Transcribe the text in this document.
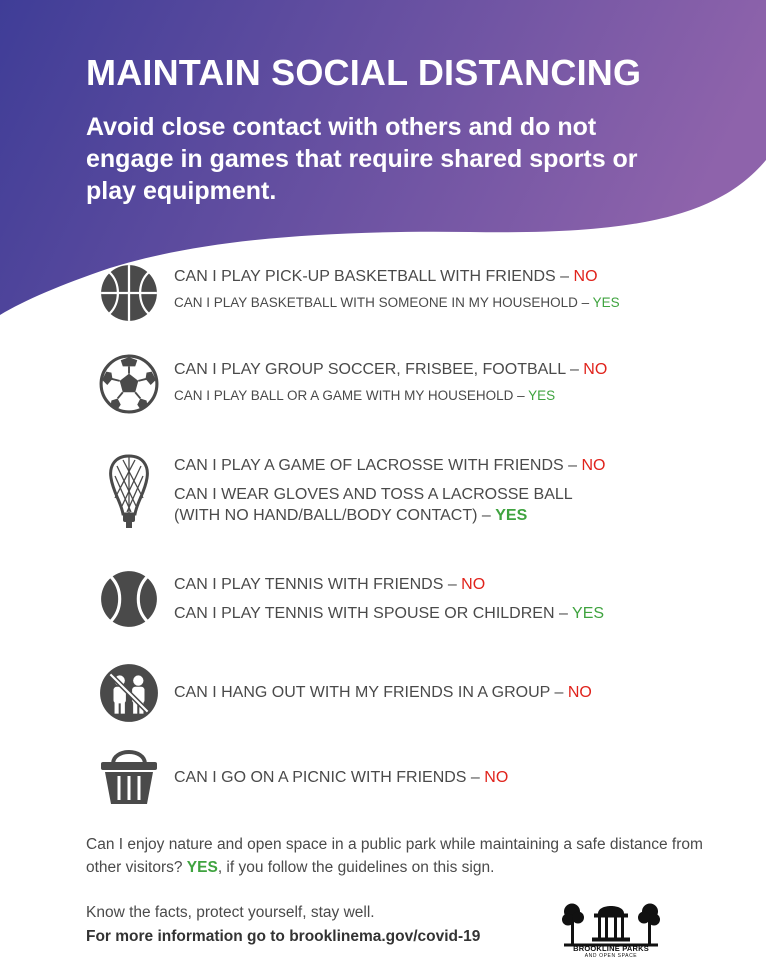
MAINTAIN SOCIAL DISTANCING

Avoid close contact with others and do not engage in games that require shared sports or play equipment.

CAN I PLAY PICK-UP BASKETBALL WITH FRIENDS – NO

CAN I PLAY BASKETBALL WITH SOMEONE IN MY HOUSEHOLD – YES

CAN I PLAY GROUP SOCCER, FRISBEE, FOOTBALL – NO

CAN I PLAY BALL OR A GAME WITH MY HOUSEHOLD – YES

CAN I PLAY A GAME OF LACROSSE WITH FRIENDS – NO

CAN I WEAR GLOVES AND TOSS A LACROSSE BALL

(WITH NO HAND/BALL/BODY CONTACT) – YES

CAN I PLAY TENNIS WITH FRIENDS – NO

CAN I PLAY TENNIS WITH SPOUSE OR CHILDREN – YES

CAN I HANG OUT WITH MY FRIENDS IN A GROUP – NO

CAN I GO ON A PICNIC WITH FRIENDS – NO

Can I enjoy nature and open space in a public park while maintaining a safe distance from other visitors? YES, if you follow the guidelines on this sign.

Know the facts, protect yourself, stay well.

For more information go to brooklinema.gov/covid-19

BROOKLINE PARKS
AND OPEN SPACE
